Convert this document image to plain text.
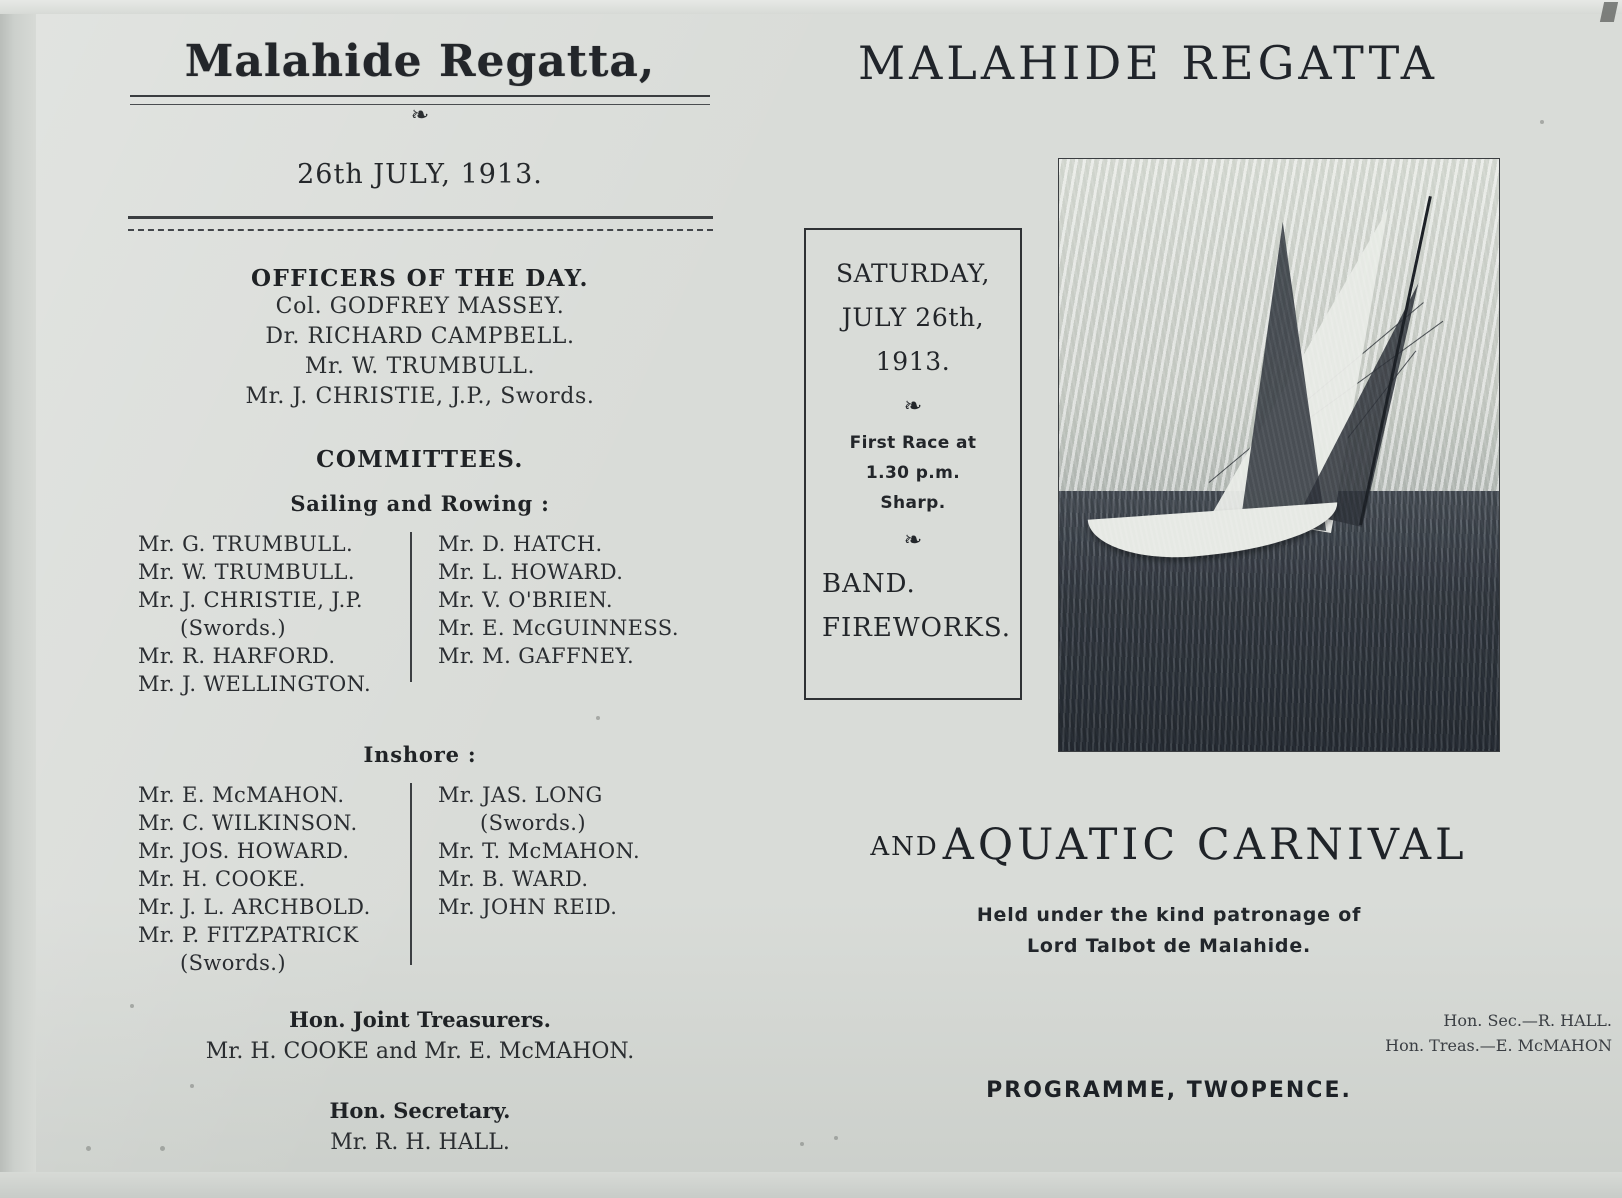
Malahide Regatta,
❧
26th JULY, 1913.
OFFICERS OF THE DAY.
Col. GODFREY MASSEY.
Dr. RICHARD CAMPBELL.
Mr. W. TRUMBULL.
Mr. J. CHRISTIE, J.P., Swords.
COMMITTEES.
Sailing and Rowing :
Mr. G. TRUMBULL.
Mr. W. TRUMBULL.
Mr. J. CHRISTIE, J.P.
(Swords.)
Mr. R. HARFORD.
Mr. J. WELLINGTON.
Mr. D. HATCH.
Mr. L. HOWARD.
Mr. V. O'BRIEN.
Mr. E. McGUINNESS.
Mr. M. GAFFNEY.
Inshore :
Mr. E. McMAHON.
Mr. C. WILKINSON.
Mr. JOS. HOWARD.
Mr. H. COOKE.
Mr. J. L. ARCHBOLD.
Mr. P. FITZPATRICK
(Swords.)
Mr. JAS. LONG
(Swords.)
Mr. T. McMAHON.
Mr. B. WARD.
Mr. JOHN REID.
Hon. Joint Treasurers.
Mr. H. COOKE and Mr. E. McMAHON.
Hon. Secretary.
Mr. R. H. HALL.
MALAHIDE REGATTA
SATURDAY,
JULY 26th,
1913.
❧
First Race at
1.30 p.m.
Sharp.
❧
BAND.
FIREWORKS.
AND AQUATIC CARNIVAL
Held under the kind patronage of
Lord Talbot de Malahide.
Hon. Sec.—R. HALL.
Hon. Treas.—E. McMAHON
PROGRAMME, TWOPENCE.
